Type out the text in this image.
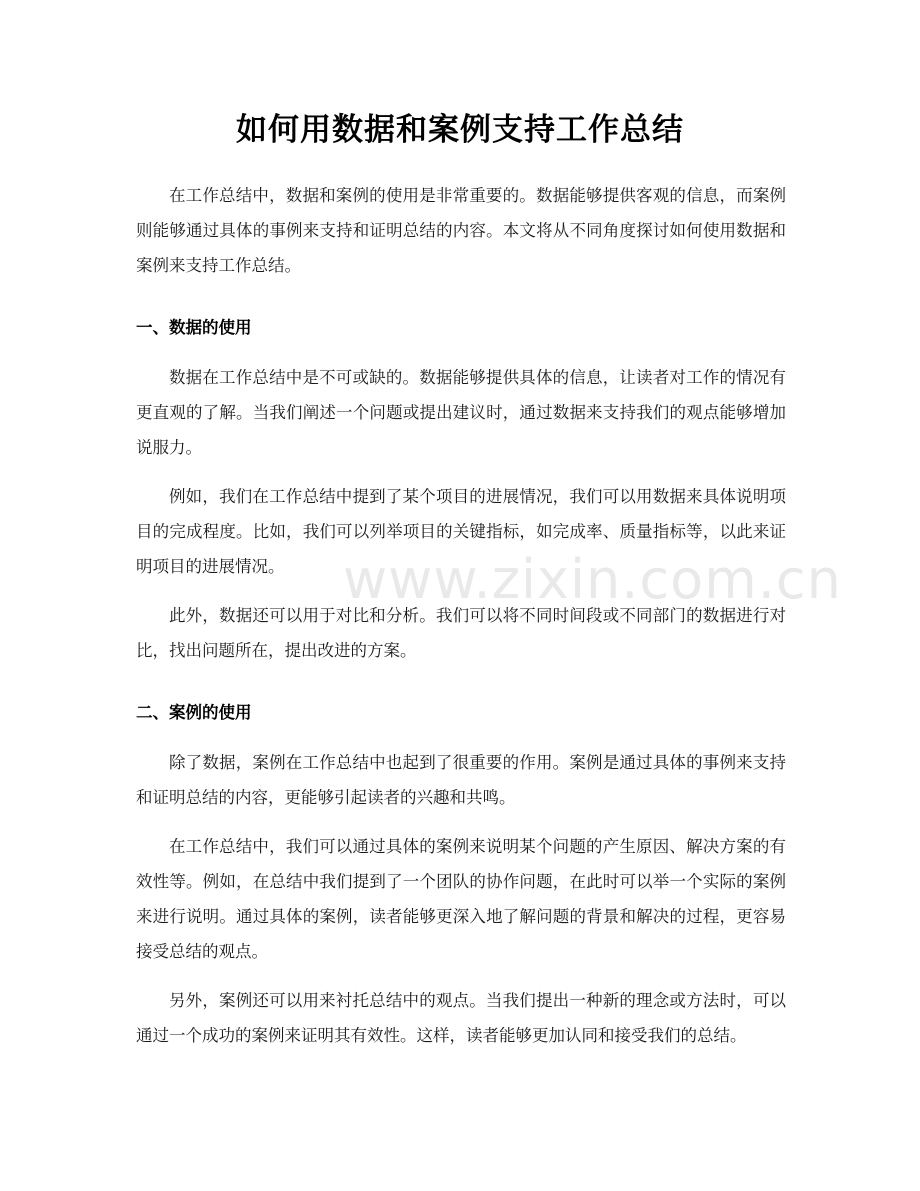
如何用数据和案例支持工作总结

在工作总结中，数据和案例的使用是非常重要的。数据能够提供客观的信息，而案例则能够通过具体的事例来支持和证明总结的内容。本文将从不同角度探讨如何使用数据和案例来支持工作总结。

一、数据的使用

数据在工作总结中是不可或缺的。数据能够提供具体的信息，让读者对工作的情况有更直观的了解。当我们阐述一个问题或提出建议时，通过数据来支持我们的观点能够增加说服力。

例如，我们在工作总结中提到了某个项目的进展情况，我们可以用数据来具体说明项目的完成程度。比如，我们可以列举项目的关键指标，如完成率、质量指标等，以此来证明项目的进展情况。

此外，数据还可以用于对比和分析。我们可以将不同时间段或不同部门的数据进行对比，找出问题所在，提出改进的方案。

二、案例的使用

除了数据，案例在工作总结中也起到了很重要的作用。案例是通过具体的事例来支持和证明总结的内容，更能够引起读者的兴趣和共鸣。

在工作总结中，我们可以通过具体的案例来说明某个问题的产生原因、解决方案的有效性等。例如，在总结中我们提到了一个团队的协作问题，在此时可以举一个实际的案例来进行说明。通过具体的案例，读者能够更深入地了解问题的背景和解决的过程，更容易接受总结的观点。

另外，案例还可以用来衬托总结中的观点。当我们提出一种新的理念或方法时，可以通过一个成功的案例来证明其有效性。这样，读者能够更加认同和接受我们的总结。

www.zixin.com.cn
